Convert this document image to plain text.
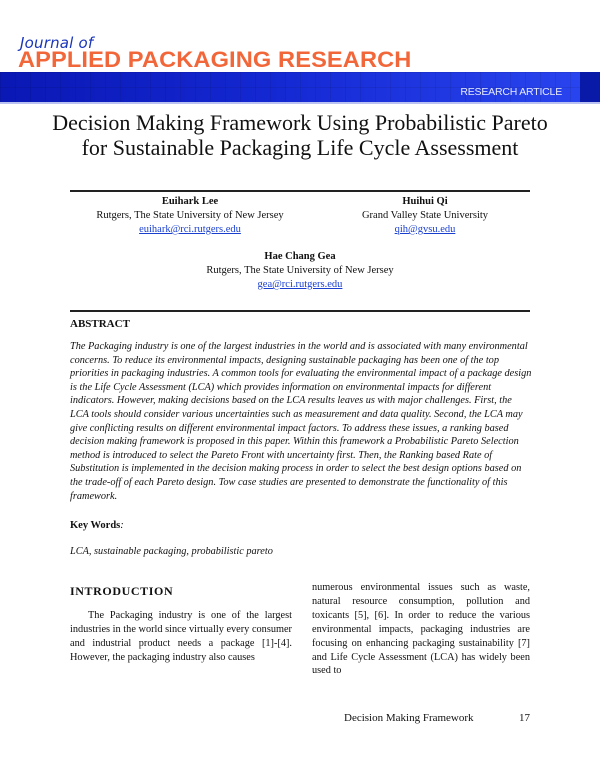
Journal of
APPLIED PACKAGING RESEARCH
RESEARCH ARTICLE
Decision Making Framework Using Probabilistic Pareto for Sustainable Packaging Life Cycle Assessment
Euihark Lee
Rutgers, The State University of New Jersey
euihark@rci.rutgers.edu
Huihui Qi
Grand Valley State University
qih@gvsu.edu
Hae Chang Gea
Rutgers, The State University of New Jersey
gea@rci.rutgers.edu
ABSTRACT
The Packaging industry is one of the largest industries in the world and is associated with many environmental concerns. To reduce its environmental impacts, designing sustainable packaging has been one of the top priorities in packaging industries. A common tools for evaluating the environmental impact of a package design is the Life Cycle Assessment (LCA) which provides information on environmental impacts for different indicators. However, making decisions based on the LCA results leaves us with major challenges. First, the LCA tools should consider various uncertainties such as measurement and data quality. Second, the LCA may give conflicting results on different environmental impact factors. To address these issues, a ranking based decision making framework is proposed in this paper. Within this framework a Probabilistic Pareto Selection method is introduced to select the Pareto Front with uncertainty first. Then, the Ranking based Rate of Substitution is implemented in the decision making process in order to select the best design options based on the trade-off of each Pareto design. Tow case studies are presented to demonstrate the functionality of this framework.
Key Words:
LCA, sustainable packaging, probabilistic pareto
INTRODUCTION

The Packaging industry is one of the largest industries in the world since virtually every consumer and industrial product needs a package [1]-[4]. However, the packaging industry also causes

numerous environmental issues such as waste, natural resource consumption, pollution and toxicants [5], [6]. In order to reduce the various environmental impacts, packaging industries are focusing on enhancing packaging sustainability [7] and Life Cycle Assessment (LCA) has widely been used to

Decision Making Framework	17
